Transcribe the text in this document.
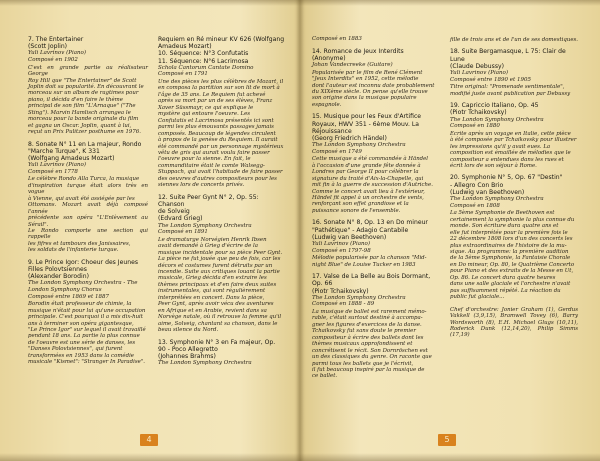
7. The Entertainer
(Scott Joplin)

Yuli Lavrinov (Piano)
Composé en 1902

C'est en grande partie au réalisateur George
Roy Hill que "The Entertainer" de Scott
Joplin doit sa popularité. En découvrant le
morceau sur un album de ragtimes pour
piano, il décida d'en faire le thème
principal de son film "L'Arnaque" ("The
Sting"). Marvin Hamlisch arrangea le
morceau pour la bande originale du film
et gagna un Oscar. Joplin, quant à lui,
reçut un Prix Pulitzer posthume en 1976.

8. Sonate N° 11 en La majeur, Rondo
"Marche Turque", K 331
(Wolfgang Amadeus Mozart)

Yuli Lavrinov (Piano)
Composé en 1778

Le célèbre Rondo Alla Turca, la musique
d'inspiration turque était alors très en vogue
à Vienne, qui avait été assiégée par les
Ottomans. Mozart avait déjà composé l'année
précédente son opéra "L'Enlèvement au Sérail".
Le Rondo comporte une section qui rappelle
les fifres et tambours des Janissaires,
les soldats de l'infanterie turque.

9. Le Prince Igor: Choeur des Jeunes
Filles Polovtsiennes
(Alexander Borodin)

The London Symphony Orchestra - The
London Symphony Chorus
Composé entre 1869 et 1887

Borodin était professeur de chimie, la
musique n'était pour lui qu'une occupation
principale. C'est pourquoi il a mis dix-huit
ans à terminer son opéra gigantesque,
"Le Prince Igor" sur lequel il avait travaillé
pendant 18 ans. La partie la plus connue
de l'oeuvre est une série de danses, les
"Danses Polovtsiennes", qui furent
transformées en 1953 dans la comédie
musicale "Kismet": "Stranger In Paradise".

Requiem en Ré mineur KV 626 (Wolfgang
Amadeus Mozart)
10. Séquence: N°3 Confutatis
11. Séquence: N°6 Lacrimosa

Schola Cantorum Cantate Domino
Composé en 1791

Une des pièces les plus célèbres de Mozart, il
en composa la partition sur son lit de mort à
l'âge de 35 ans. Le Requiem fut achevé
après sa mort par un de ses élèves, Franz
Xaver Süssmayr, ce qui explique le
mystère qui entoure l'oeuvre. Les
Confutatis et Lacrimosa présentés ici sont
parmi les plus émouvants passages jamais
composés. Beaucoup de légendes circulent
à propos de la genèse du Requiem. Il aurait
été commandé par un personnage mystérieux
vêtu de gris qui aurait voulu faire passer
l'oeuvre pour la sienne. En fait, le
commanditaire était le comte Walsegg-
Stuppach, qui avait l'habitude de faire passer
des oeuvres d'autres compositeurs pour les
siennes lors de concerts privés.

12. Suite Peer Gynt N° 2, Op. 55: Chanson
de Solveig
(Edvard Grieg)

The London Symphony Orchestra
Composé en 1891

Le dramaturge Norvégien Henrik Ibsen
avait demandé à Grieg d'écrire de la
musique incidentale pour sa pièce Peer Gynt.
La pièce ne fut jouée que peu de fois, car les
décors et costumes furent détruits par un
incendie. Suite aux critiques louant la partie
musicale, Grieg décida d'en extraire les
thèmes principaux et d'en faire deux suites
instrumentales, qui sont régulièrement
interprétées en concert. Dans la pièce,
Peer Gynt, après avoir vécu des aventures
en Afrique et en Arabie, revient dans sa
Norvège natale, où il retrouve la femme qu'il
aime, Solveig, chantant sa chanson, dans le
beau silence du Nord.

13. Symphonie N° 3 en Fa majeur, Op.
90 - Poco Allegretto
(Johannes Brahms)

The London Symphony Orchestra

4

Composé en 1883

14. Romance de Jeux Interdits
(Anonyme)

Johan Vandecreeke (Guitare)

Popularisée par le film de René Clément
"Jeux Interdits" en 1952, cette mélodie
dont l'auteur est inconnu date probablement
du XIXème siècle. On pense qu'elle trouve
son origine dans la musique populaire
espagnole.

15. Musique pour les Feux d'Artifice
Royaux, HWV 351 - 6ème Mouv. La
Réjouissance
(Georg Friedrich Händel)

The London Symphony Orchestra
Composé en 1749

Cette musique a été commandée à Händel
à l'occasion d'une grande fête donnée à
Londres par George II pour célébrer la
signature du traité d'Aix-la-Chapelle, qui
mit fin à la guerre de succession d'Autriche.
Comme le concert avait lieu à l'extérieur,
Händel fit appel à un orchestre de vents,
renforçant son effet grandiose et la
puissance sonore de l'ensemble.

16. Sonate N° 8, Op. 13 en Do mineur
"Pathétique" - Adagio Cantabile
(Ludwig van Beethoven)

Yuli Lavrinov (Piano)
Composé en 1797-98

Mélodie popularisée par la chanson "Mid-
night Blue" de Louise Tucker en 1983

17. Valse de La Belle au Bois Dormant,
Op. 66
(Piotr Tchaikovsky)

The London Symphony Orchestra
Composé en 1888 - 89

La musique de ballet est rarement mémo-
rable, c'était surtout destiné à accompa-
gner les figures d'exercices de la danse.
Tchaikovsky fut sans doute le premier
compositeur à écrire des ballets dont les
thèmes musicaux approfondissent et
concrétisent le récit. Son Dornröschen est
un des classiques du genre. On raconte que
parmi tous les ballets que je l'écrivit,
il fut beaucoup inspiré par la musique de
ce ballet.

fille de trois ans et de l'un de ses domestiques.

18. Suite Bergamasque, L 75: Clair de
Lune
(Claude Debussy)

Yuli Lavrinov (Piano)
Composé entre 1890 et 1905

Titre original: "Promenade sentimentale",
modifié juste avant publication par Debussy

19. Capriccio Italiano, Op. 45
(Piotr Tchaikovsky)

The London Symphony Orchestra
Composé en 1880

Ecrite après un voyage en Italie, cette pièce
à été composée par Tchaikovsky pour illustrer
les impressions qu'il y avait eues. La
composition est émaillée de mélodies que le
compositeur a entendues dans les rues et
écrit lors de son séjour à Rome.

20. Symphonie N° 5, Op. 67 "Destin"
- Allegro Con Brio
(Ludwig van Beethoven)

The London Symphony Orchestra
Composé en 1808

La 5ème Symphonie de Beethoven est
certainement la symphonie la plus connue du
monde. Son écriture dura quatre ans et
elle fut interprétée pour la première fois le
22 décembre 1808 lors d'un des concerts les
plus extraordinaires de l'histoire de la mu-
sique. Au programme: la première audition
de la 5ème Symphonie, la Fantaisie Chorale
en Do mineur, Op. 80, le Quatrième Concerto
pour Piano et des extraits de la Messe en Ut,
Op. 86. Le concert dura quatre heures
dans une salle glaciale et l'orchestre n'avait
pas suffisamment répété. La réaction du
public fut glaciale...

Chef d'orchestre: Jonier Graham (1), Gerdus Vakkell (3,9,15), Bramwell Tovey (6), Barry Wordsworth (8), E.H. Michael Glugs (10,11), Roderick Dunk (12,14,20), Philip Simms (17,19)
5
